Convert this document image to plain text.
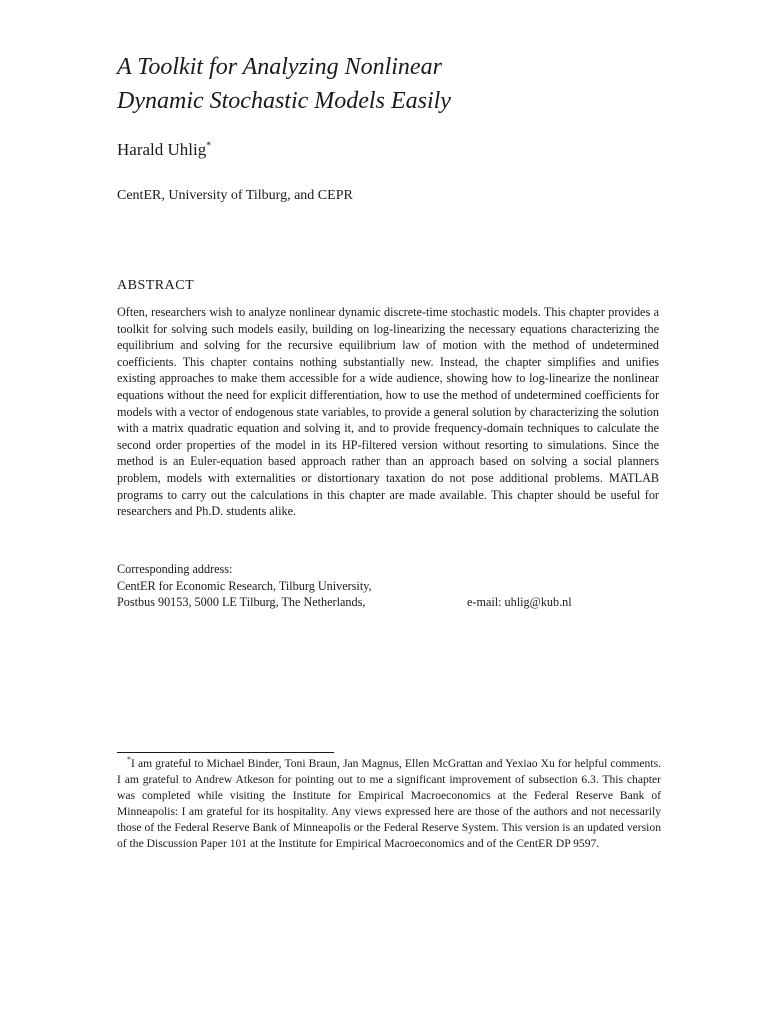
A Toolkit for Analyzing Nonlinear
Dynamic Stochastic Models Easily
Harald Uhlig*
CentER, University of Tilburg, and CEPR
ABSTRACT

Often, researchers wish to analyze nonlinear dynamic discrete-time stochastic models. This chapter provides a toolkit for solving such models easily, building on log-linearizing the necessary equations characterizing the equilibrium and solving for the recursive equilibrium law of motion with the method of undetermined coefficients. This chapter contains nothing substantially new. Instead, the chapter simplifies and unifies existing approaches to make them accessible for a wide audience, showing how to log-linearize the nonlinear equations without the need for explicit differentiation, how to use the method of undetermined coefficients for models with a vector of endogenous state variables, to provide a general solution by characterizing the solution with a matrix quadratic equation and solving it, and to provide frequency-domain techniques to calculate the second order properties of the model in its HP-filtered version without resorting to simulations. Since the method is an Euler-equation based approach rather than an approach based on solving a social planners problem, models with externalities or distortionary taxation do not pose additional problems. MATLAB programs to carry out the calculations in this chapter are made available. This chapter should be useful for researchers and Ph.D. students alike.

Corresponding address:
CentER for Economic Research, Tilburg University,
Postbus 90153, 5000 LE Tilburg, The Netherlands,	e-mail: uhlig@kub.nl

*I am grateful to Michael Binder, Toni Braun, Jan Magnus, Ellen McGrattan and Yexiao Xu for helpful comments. I am grateful to Andrew Atkeson for pointing out to me a significant improvement of subsection 6.3. This chapter was completed while visiting the Institute for Empirical Macroeconomics at the Federal Reserve Bank of Minneapolis: I am grateful for its hospitality. Any views expressed here are those of the authors and not necessarily those of the Federal Reserve Bank of Minneapolis or the Federal Reserve System. This version is an updated version of the Discussion Paper 101 at the Institute for Empirical Macroeconomics and of the CentER DP 9597.
